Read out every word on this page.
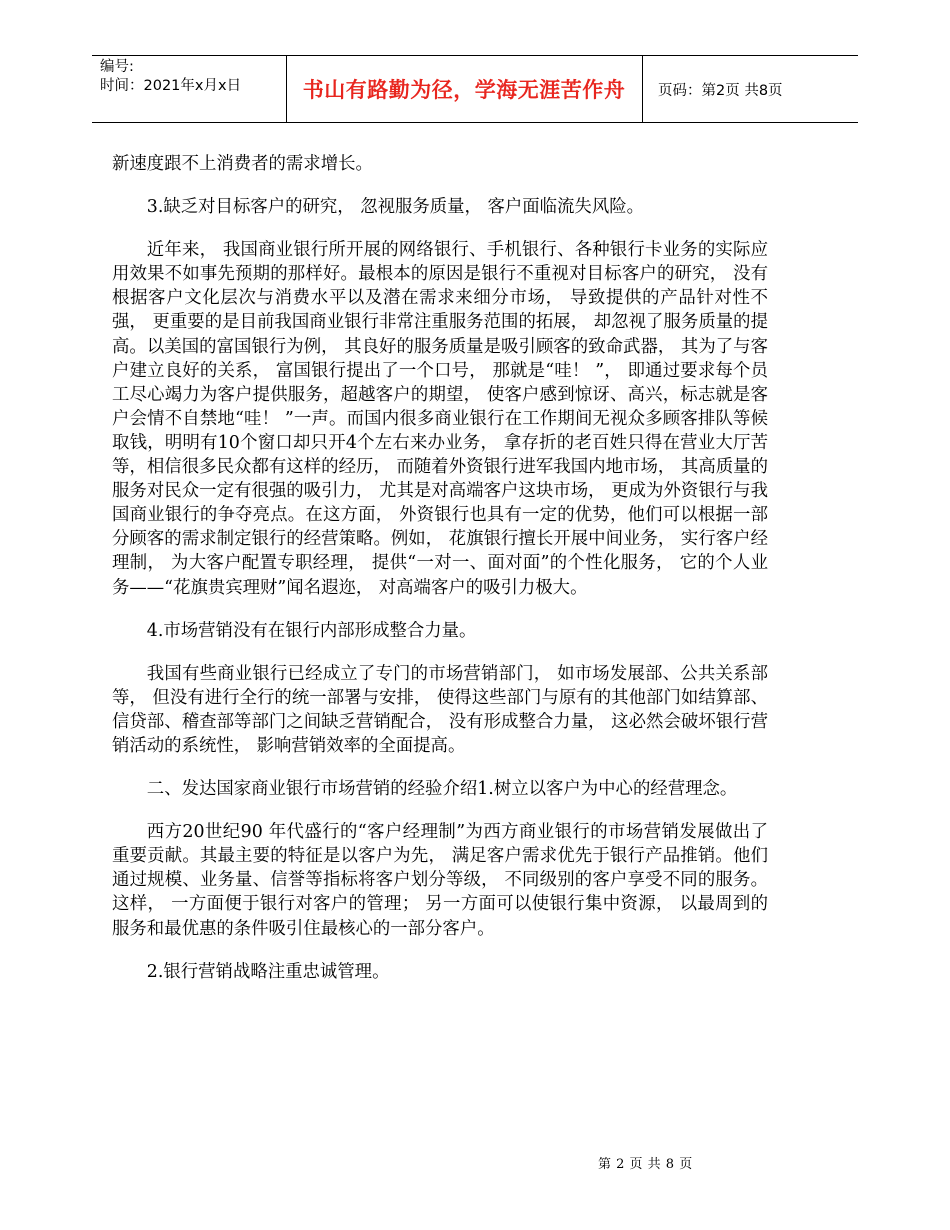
编号:
时间：2021年x月x日	书山有路勤为径，学海无涯苦作舟	页码：第2页 共8页

新速度跟不上消费者的需求增长。

3.缺乏对目标客户的研究， 忽视服务质量， 客户面临流失风险。

近年来， 我国商业银行所开展的网络银行、手机银行、各种银行卡业务的实际应用效果不如事先预期的那样好。最根本的原因是银行不重视对目标客户的研究， 没有根据客户文化层次与消费水平以及潜在需求来细分市场， 导致提供的产品针对性不强， 更重要的是目前我国商业银行非常注重服务范围的拓展， 却忽视了服务质量的提高。以美国的富国银行为例， 其良好的服务质量是吸引顾客的致命武器， 其为了与客户建立良好的关系， 富国银行提出了一个口号， 那就是“哇！ ”， 即通过要求每个员工尽心竭力为客户提供服务，超越客户的期望， 使客户感到惊讶、高兴，标志就是客户会情不自禁地“哇！ ”一声。而国内很多商业银行在工作期间无视众多顾客排队等候取钱，明明有10个窗口却只开4个左右来办业务， 拿存折的老百姓只得在营业大厅苦等，相信很多民众都有这样的经历， 而随着外资银行进军我国内地市场， 其高质量的服务对民众一定有很强的吸引力， 尤其是对高端客户这块市场， 更成为外资银行与我国商业银行的争夺亮点。在这方面， 外资银行也具有一定的优势，他们可以根据一部分顾客的需求制定银行的经营策略。例如， 花旗银行擅长开展中间业务， 实行客户经理制， 为大客户配置专职经理， 提供“一对一、面对面”的个性化服务， 它的个人业务——“花旗贵宾理财”闻名遐迩， 对高端客户的吸引力极大。

4.市场营销没有在银行内部形成整合力量。

我国有些商业银行已经成立了专门的市场营销部门， 如市场发展部、公共关系部等， 但没有进行全行的统一部署与安排， 使得这些部门与原有的其他部门如结算部、信贷部、稽查部等部门之间缺乏营销配合， 没有形成整合力量， 这必然会破坏银行营销活动的系统性， 影响营销效率的全面提高。

二、发达国家商业银行市场营销的经验介绍1.树立以客户为中心的经营理念。

西方20世纪90 年代盛行的“客户经理制”为西方商业银行的市场营销发展做出了重要贡献。其最主要的特征是以客户为先， 满足客户需求优先于银行产品推销。他们通过规模、业务量、信誉等指标将客户划分等级， 不同级别的客户享受不同的服务。这样， 一方面便于银行对客户的管理； 另一方面可以使银行集中资源， 以最周到的服务和最优惠的条件吸引住最核心的一部分客户。

2.银行营销战略注重忠诚管理。

第 2 页 共 8 页
